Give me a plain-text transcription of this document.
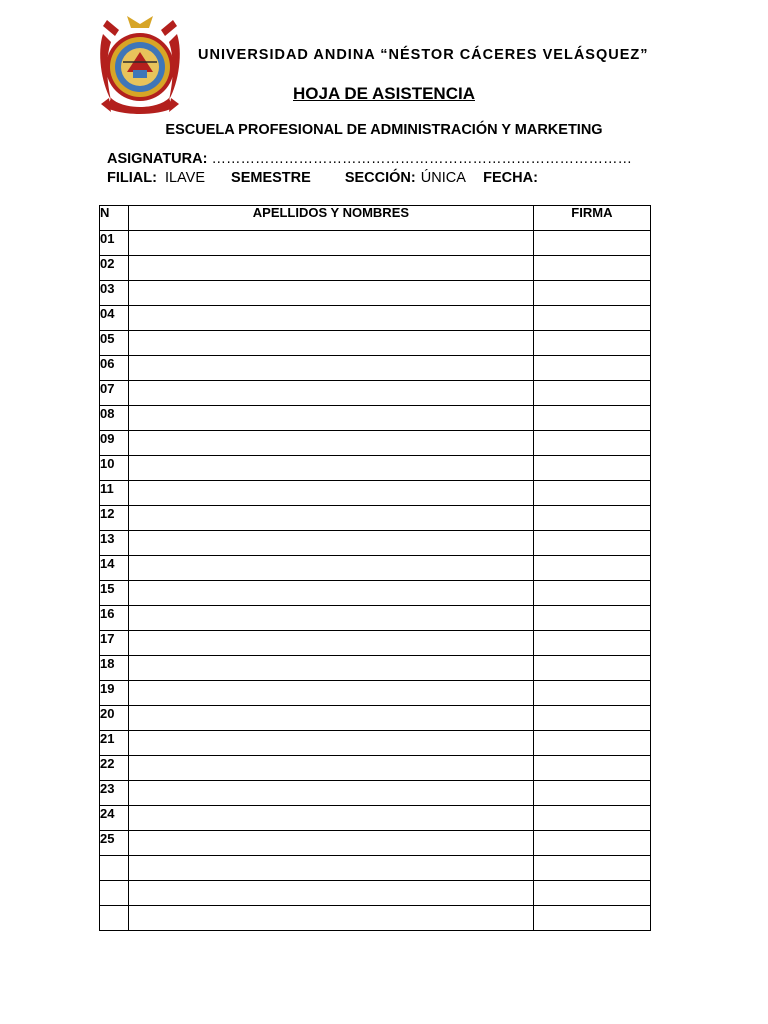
UNIVERSIDAD ANDINA “NÉSTOR CÁCERES VELÁSQUEZ”
HOJA DE ASISTENCIA
ESCUELA PROFESIONAL DE ADMINISTRACIÓN Y MARKETING
ASIGNATURA: ……………………………………………………………………………
FILIAL: ILAVE SEMESTRE SECCIÓN: ÚNICA FECHA:
N	APELLIDOS Y NOMBRES	FIRMA
01		
02		
03		
04		
05		
06		
07		
08		
09		
10		
11		
12		
13		
14		
15		
16		
17		
18		
19		
20		
21		
22		
23		
24		
25		
